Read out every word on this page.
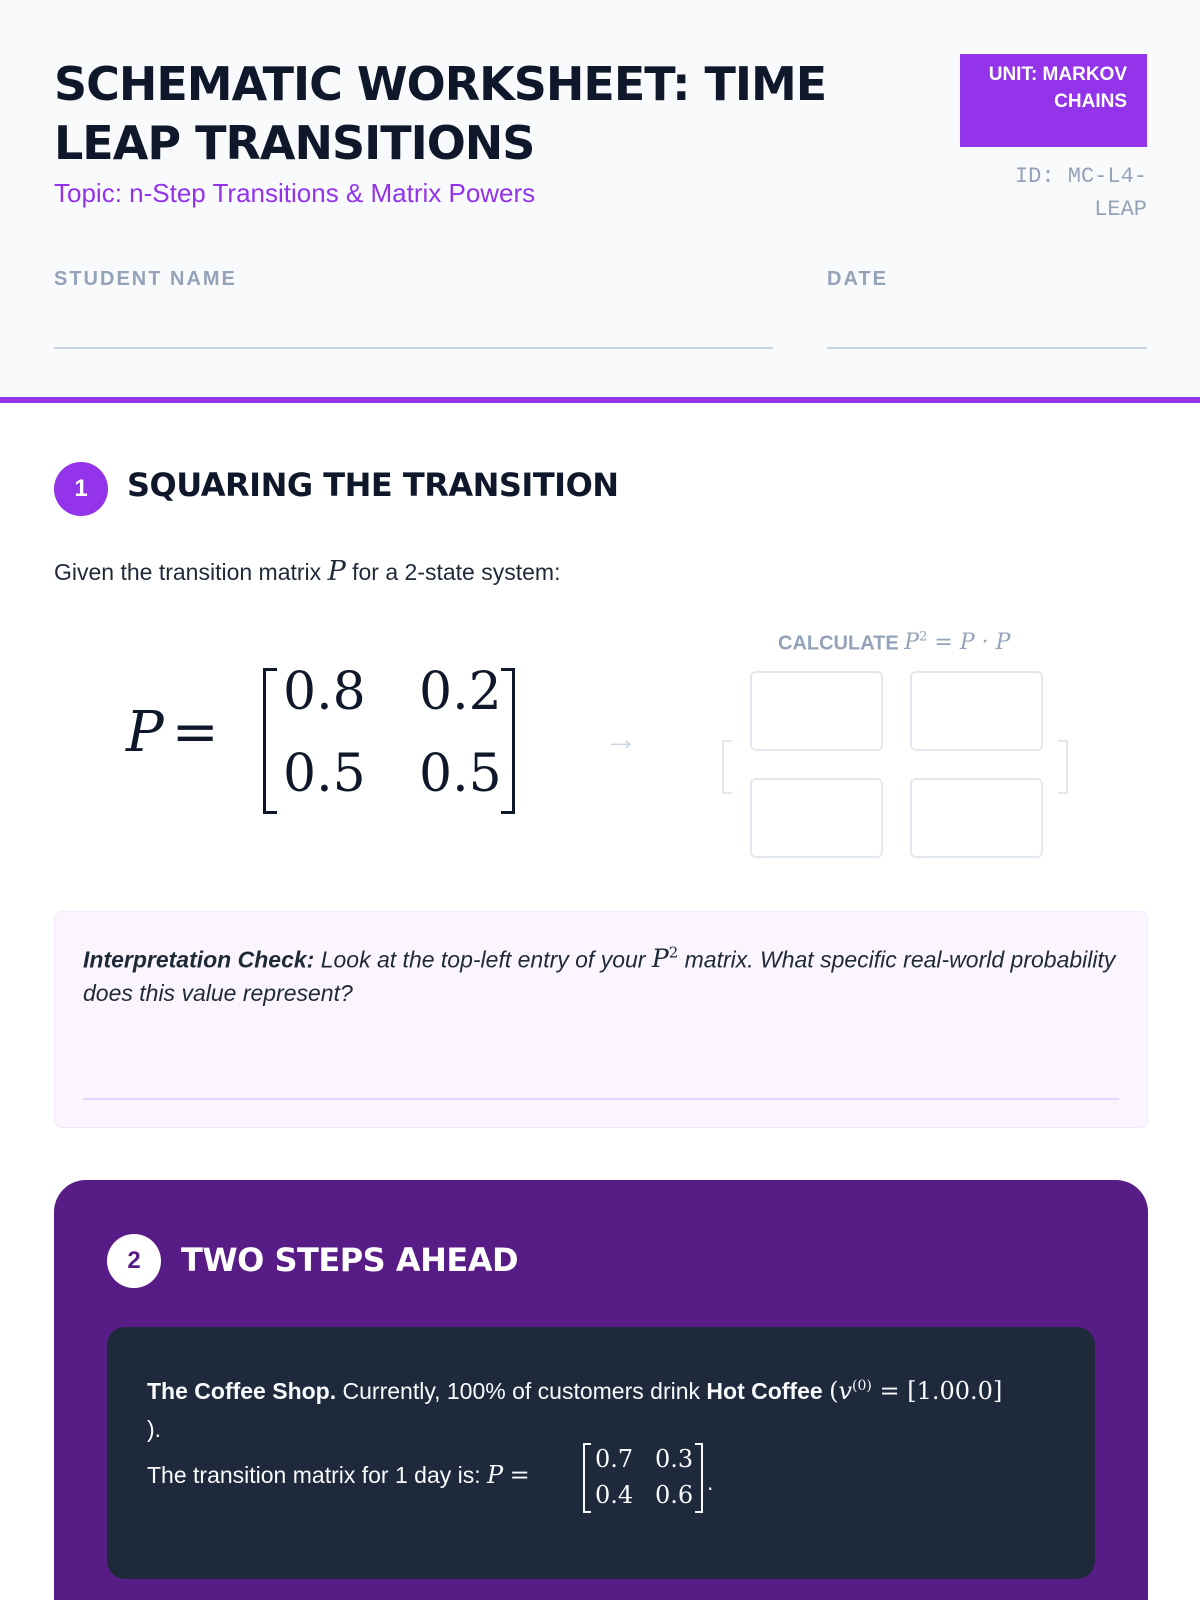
SCHEMATIC WORKSHEET: TIME LEAP TRANSITIONS
Topic: n-Step Transitions & Matrix Powers
UNIT: MARKOV CHAINS
ID: MC-L4-LEAP
STUDENT NAME	DATE
1	SQUARING THE TRANSITION
Given the transition matrix P for a 2-state system:
P =
0.8 0.2
0.5 0.5
→
CALCULATE $P^2 = P \cdot P$

Interpretation Check: Look at the top-left entry of your $P^2$ matrix. What specific real-world probability does this value represent?

2	TWO STEPS AHEAD
The Coffee Shop. Currently, 100% of customers drink Hot Coffee ($v^{(0)} = [1.00.0]$
).
The transition matrix for 1 day is: P =
0.7 0.3
0.4 0.6 .
